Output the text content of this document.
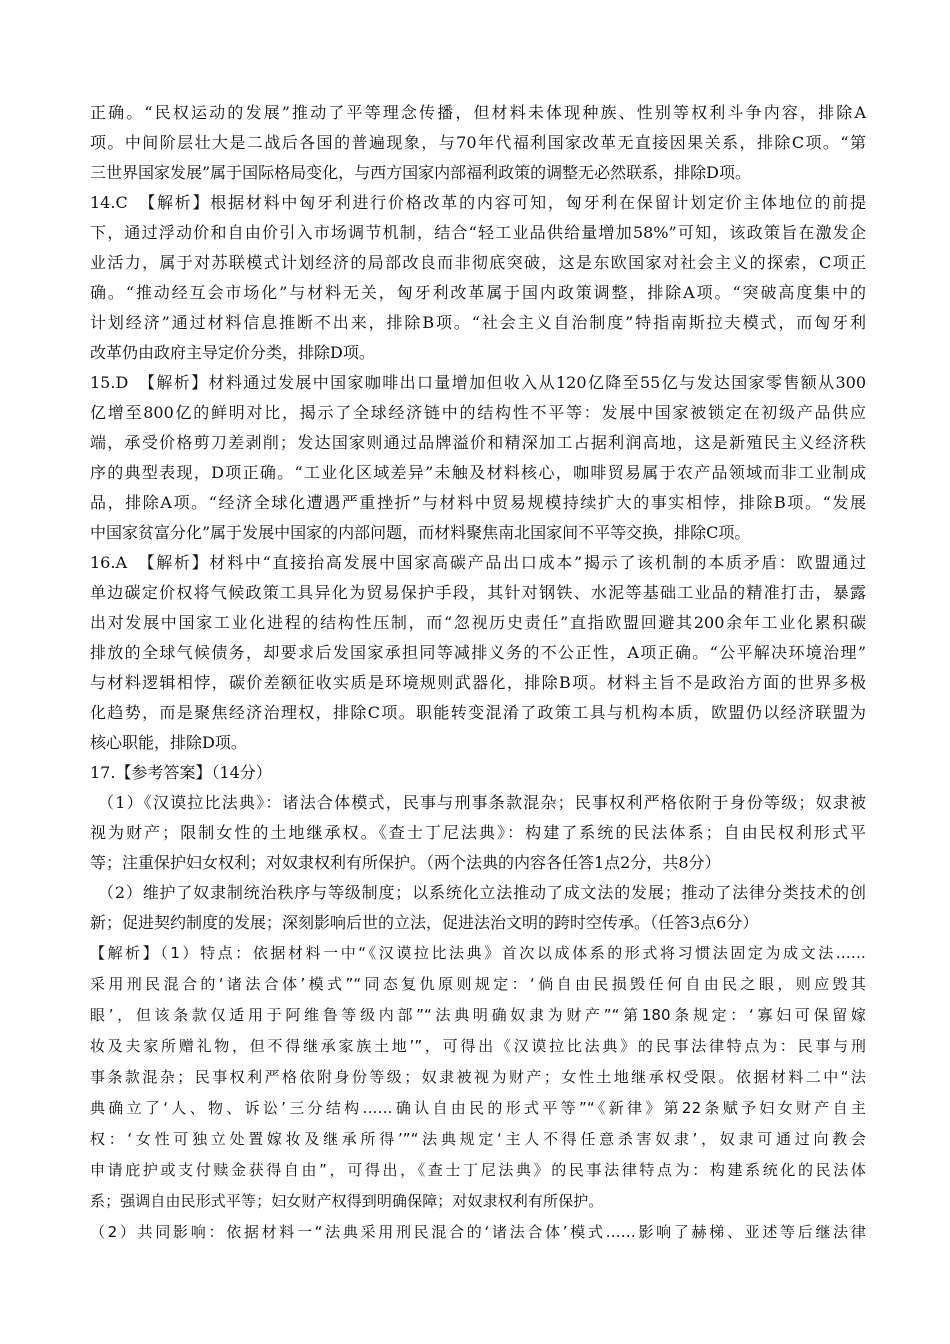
正确。“民权运动的发展”推动了平等理念传播，但材料未体现种族、性别等权利斗争内容，排除A
项。中间阶层壮大是二战后各国的普遍现象，与70年代福利国家改革无直接因果关系，排除C项。“第
三世界国家发展”属于国际格局变化，与西方国家内部福利政策的调整无必然联系，排除D项。
14.C　【解析】根据材料中匈牙利进行价格改革的内容可知，匈牙利在保留计划定价主体地位的前提
下，通过浮动价和自由价引入市场调节机制，结合“轻工业品供给量增加58%”可知，该政策旨在激发企
业活力，属于对苏联模式计划经济的局部改良而非彻底突破，这是东欧国家对社会主义的探索，C项正
确。“推动经互会市场化”与材料无关，匈牙利改革属于国内政策调整，排除A项。“突破高度集中的
计划经济”通过材料信息推断不出来，排除B项。“社会主义自治制度”特指南斯拉夫模式，而匈牙利
改革仍由政府主导定价分类，排除D项。
15.D　【解析】材料通过发展中国家咖啡出口量增加但收入从120亿降至55亿与发达国家零售额从300
亿增至800亿的鲜明对比，揭示了全球经济链中的结构性不平等：发展中国家被锁定在初级产品供应
端，承受价格剪刀差剥削；发达国家则通过品牌溢价和精深加工占据利润高地，这是新殖民主义经济秩
序的典型表现，D项正确。“工业化区域差异”未触及材料核心，咖啡贸易属于农产品领域而非工业制成
品，排除A项。“经济全球化遭遇严重挫折”与材料中贸易规模持续扩大的事实相悖，排除B项。“发展
中国家贫富分化”属于发展中国家的内部问题，而材料聚焦南北国家间不平等交换，排除C项。
16.A　【解析】材料中“直接抬高发展中国家高碳产品出口成本”揭示了该机制的本质矛盾：欧盟通过
单边碳定价权将气候政策工具异化为贸易保护手段，其针对钢铁、水泥等基础工业品的精准打击，暴露
出对发展中国家工业化进程的结构性压制，而“忽视历史责任”直指欧盟回避其200余年工业化累积碳
排放的全球气候债务，却要求后发国家承担同等减排义务的不公正性，A项正确。“公平解决环境治理”
与材料逻辑相悖，碳价差额征收实质是环境规则武器化，排除B项。材料主旨不是政治方面的世界多极
化趋势，而是聚焦经济治理权，排除C项。职能转变混淆了政策工具与机构本质，欧盟仍以经济联盟为
核心职能，排除D项。
17.【参考答案】（14分）
（1）《汉谟拉比法典》：诸法合体模式，民事与刑事条款混杂；民事权利严格依附于身份等级；奴隶被
视为财产；限制女性的土地继承权。《查士丁尼法典》：构建了系统的民法体系；自由民权利形式平
等；注重保护妇女权利；对奴隶权利有所保护。（两个法典的内容各任答1点2分，共8分）
（2）维护了奴隶制统治秩序与等级制度；以系统化立法推动了成文法的发展；推动了法律分类技术的创
新；促进契约制度的发展；深刻影响后世的立法，促进法治文明的跨时空传承。（任答3点6分）
【解析】（1）特点：依据材料一中“《汉谟拉比法典》首次以成体系的形式将习惯法固定为成文法……
采用刑民混合的‘诸法合体’模式”“同态复仇原则规定：‘倘自由民损毁任何自由民之眼，则应毁其
眼’，但该条款仅适用于阿维鲁等级内部”“法典明确奴隶为财产”“第180条规定：‘寡妇可保留嫁
妆及夫家所赠礼物，但不得继承家族土地’”，可得出《汉谟拉比法典》的民事法律特点为：民事与刑
事条款混杂；民事权利严格依附身份等级；奴隶被视为财产；女性土地继承权受限。依据材料二中“法
典确立了‘人、物、诉讼’三分结构……确认自由民的形式平等”“《新律》第22条赋予妇女财产自主
权：‘女性可独立处置嫁妆及继承所得’”“法典规定‘主人不得任意杀害奴隶’，奴隶可通过向教会
申请庇护或支付赎金获得自由”，可得出，《查士丁尼法典》的民事法律特点为：构建系统化的民法体
系；强调自由民形式平等；妇女财产权得到明确保障；对奴隶权利有所保护。
（2）共同影响：依据材料一“法典采用刑民混合的‘诸法合体’模式……影响了赫梯、亚述等后继法律
